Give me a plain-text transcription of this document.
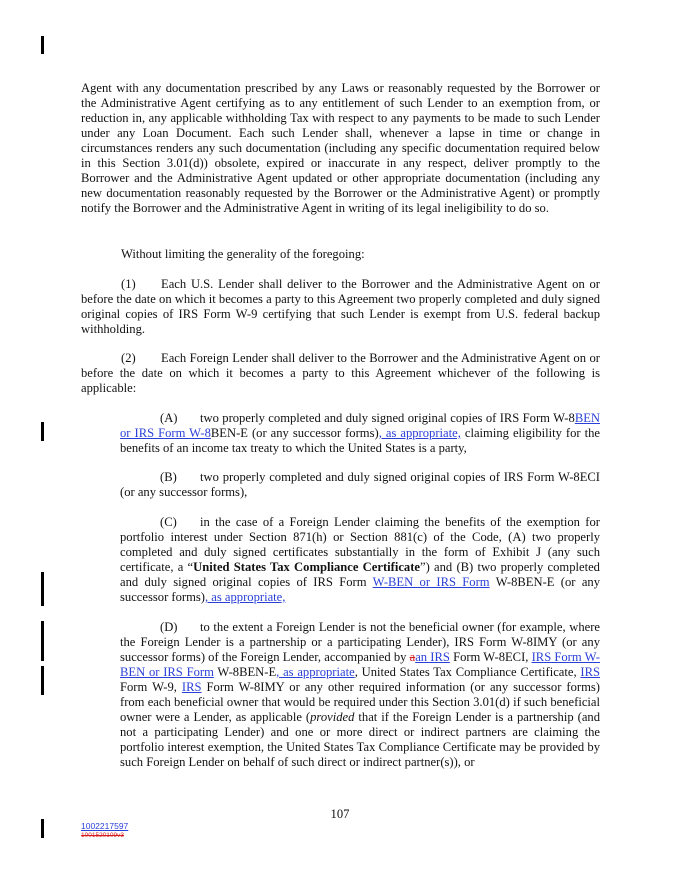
Agent with any documentation prescribed by any Laws or reasonably requested by the Borrower or the Administrative Agent certifying as to any entitlement of such Lender to an exemption from, or reduction in, any applicable withholding Tax with respect to any payments to be made to such Lender under any Loan Document. Each such Lender shall, whenever a lapse in time or change in circumstances renders any such documentation (including any specific documentation required below in this Section 3.01(d)) obsolete, expired or inaccurate in any respect, deliver promptly to the Borrower and the Administrative Agent updated or other appropriate documentation (including any new documentation reasonably requested by the Borrower or the Administrative Agent) or promptly notify the Borrower and the Administrative Agent in writing of its legal ineligibility to do so.

Without limiting the generality of the foregoing:

(1) Each U.S. Lender shall deliver to the Borrower and the Administrative Agent on or before the date on which it becomes a party to this Agreement two properly completed and duly signed original copies of IRS Form W-9 certifying that such Lender is exempt from U.S. federal backup withholding.

(2) Each Foreign Lender shall deliver to the Borrower and the Administrative Agent on or before the date on which it becomes a party to this Agreement whichever of the following is applicable:

(A) two properly completed and duly signed original copies of IRS Form W-8BEN or IRS Form W-8BEN-E (or any successor forms), as appropriate, claiming eligibility for the benefits of an income tax treaty to which the United States is a party,

(B) two properly completed and duly signed original copies of IRS Form W-8ECI (or any successor forms),

(C) in the case of a Foreign Lender claiming the benefits of the exemption for portfolio interest under Section 871(h) or Section 881(c) of the Code, (A) two properly completed and duly signed certificates substantially in the form of Exhibit J (any such certificate, a “United States Tax Compliance Certificate”) and (B) two properly completed and duly signed original copies of IRS Form W-BEN or IRS Form W-8BEN-E (or any successor forms), as appropriate,

(D) to the extent a Foreign Lender is not the beneficial owner (for example, where the Foreign Lender is a partnership or a participating Lender), IRS Form W-8IMY (or any successor forms) of the Foreign Lender, accompanied by aan IRS Form W-8ECI, IRS Form W-BEN or IRS Form W-8BEN-E, as appropriate, United States Tax Compliance Certificate, IRS Form W-9, IRS Form W-8IMY or any other required information (or any successor forms) from each beneficial owner that would be required under this Section 3.01(d) if such beneficial owner were a Lender, as applicable (provided that if the Foreign Lender is a partnership (and not a participating Lender) and one or more direct or indirect partners are claiming the portfolio interest exemption, the United States Tax Compliance Certificate may be provided by such Foreign Lender on behalf of such direct or indirect partner(s)), or

107
1002217597
1001520109v3
